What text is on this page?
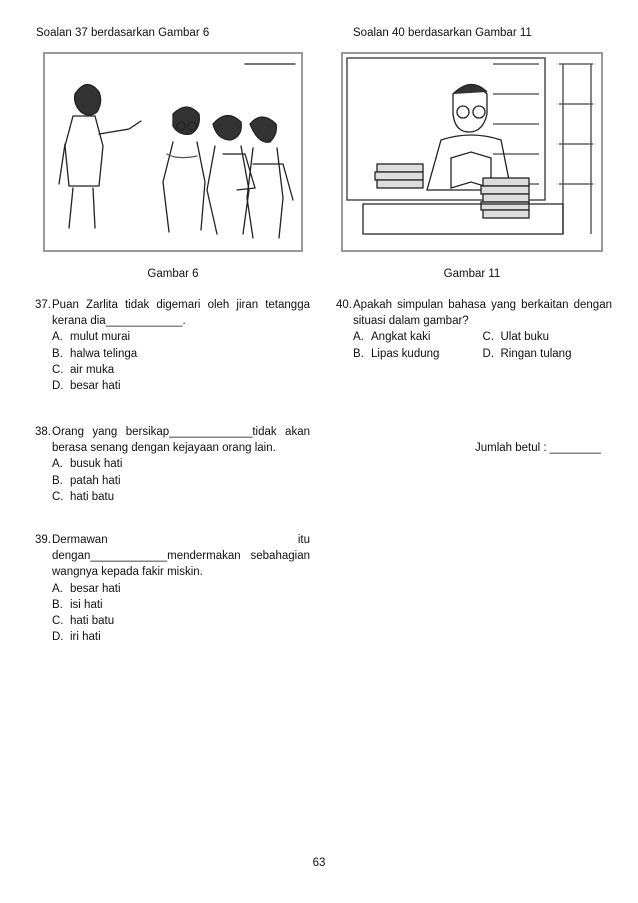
Soalan 37 berdasarkan Gambar 6	Soalan 40 berdasarkan Gambar 11
Gambar 6	Gambar 11
37. Puan Zarlita tidak digemari oleh jiran tetangga kerana dia____________.
A. mulut murai
B. halwa telinga
C. air muka
D. besar hati
38. Orang yang bersikap_____________tidak akan berasa senang dengan kejayaan orang lain.
A. busuk hati
B. patah hati
C. hati batu
39. Dermawan itu dengan____________mendermakan sebahagian wangnya kepada fakir miskin.
A. besar hati
B. isi hati
C. hati batu
D. iri hati
40. Apakah simpulan bahasa yang berkaitan dengan situasi dalam gambar?
A. Angkat kaki	C. Ulat buku
B. Lipas kudung	D. Ringan tulang
Jumlah betul : ________
63
